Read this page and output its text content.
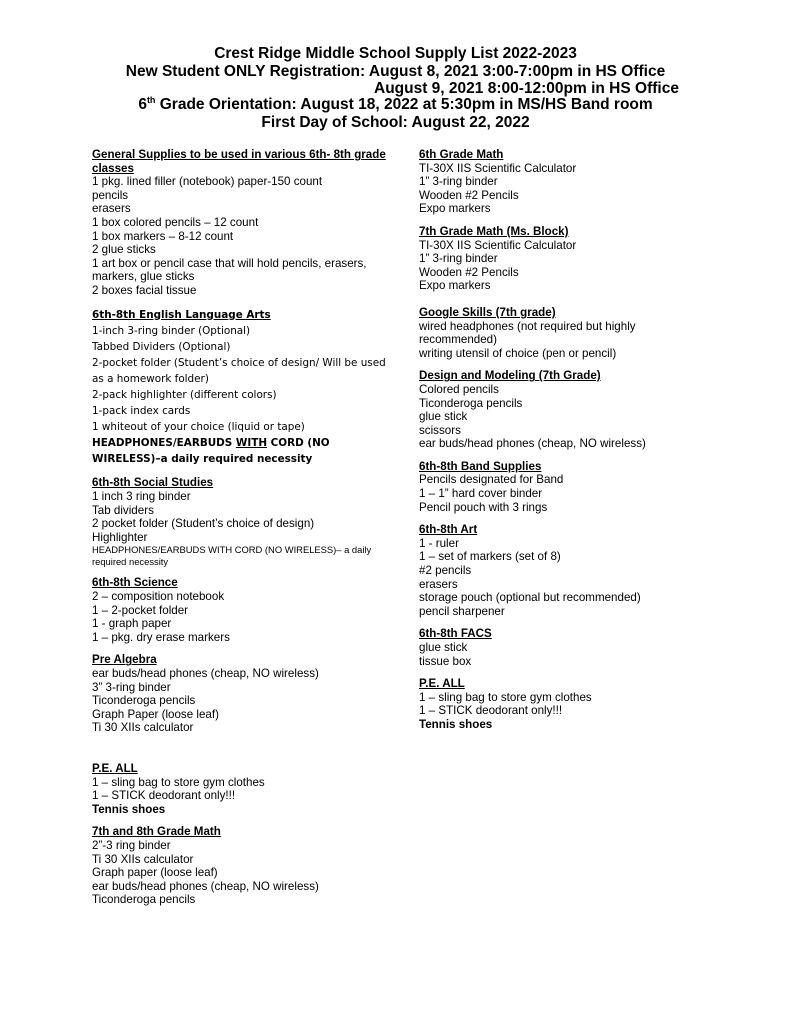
Crest Ridge Middle School Supply List 2022-2023
New Student ONLY Registration: August 8, 2021 3:00-7:00pm in HS Office
August 9, 2021 8:00-12:00pm in HS Office
6th Grade Orientation: August 18, 2022 at 5:30pm in MS/HS Band room
First Day of School: August 22, 2022
General Supplies to be used in various 6th- 8th grade classes
1 pkg. lined filler (notebook) paper-150 count
pencils
erasers
1 box colored pencils – 12 count
1 box markers – 8-12 count
2 glue sticks
1 art box or pencil case that will hold pencils, erasers, markers, glue sticks
2 boxes facial tissue
6th-8th English Language Arts
1-inch 3-ring binder (Optional)
Tabbed Dividers (Optional)
2-pocket folder (Student’s choice of design/ Will be used as a homework folder)
2-pack highlighter (different colors)
1-pack index cards
1 whiteout of your choice (liquid or tape)
HEADPHONES/EARBUDS WITH CORD (NO WIRELESS)–a daily required necessity
6th-8th Social Studies
1 inch 3 ring binder
Tab dividers
2 pocket folder (Student’s choice of design)
Highlighter
HEADPHONES/EARBUDS WITH CORD (NO WIRELESS)– a daily required necessity
6th-8th Science
2 – composition notebook
1 – 2-pocket folder
1 - graph paper
1 – pkg. dry erase markers
Pre Algebra
ear buds/head phones (cheap, NO wireless)
3” 3-ring binder
Ticonderoga pencils
Graph Paper (loose leaf)
Ti 30 XIIs calculator
P.E. ALL
1 – sling bag to store gym clothes
1 – STICK deodorant only!!!
Tennis shoes
7th and 8th Grade Math
2”-3 ring binder
Ti 30 XIIs calculator
Graph paper (loose leaf)
ear buds/head phones (cheap, NO wireless)
Ticonderoga pencils
6th Grade Math
TI-30X IIS Scientific Calculator
1” 3-ring binder
Wooden #2 Pencils
Expo markers
7th Grade Math (Ms. Block)
TI-30X IIS Scientific Calculator
1” 3-ring binder
Wooden #2 Pencils
Expo markers
Google Skills (7th grade)
wired headphones (not required but highly recommended)
writing utensil of choice (pen or pencil)
Design and Modeling (7th Grade)
Colored pencils
Ticonderoga pencils
glue stick
scissors
ear buds/head phones (cheap, NO wireless)
6th-8th Band Supplies
Pencils designated for Band
1 – 1” hard cover binder
Pencil pouch with 3 rings
6th-8th Art
1 - ruler
1 – set of markers (set of 8)
#2 pencils
erasers
storage pouch (optional but recommended)
pencil sharpener
6th-8th FACS
glue stick
tissue box
P.E. ALL
1 – sling bag to store gym clothes
1 – STICK deodorant only!!!
Tennis shoes
